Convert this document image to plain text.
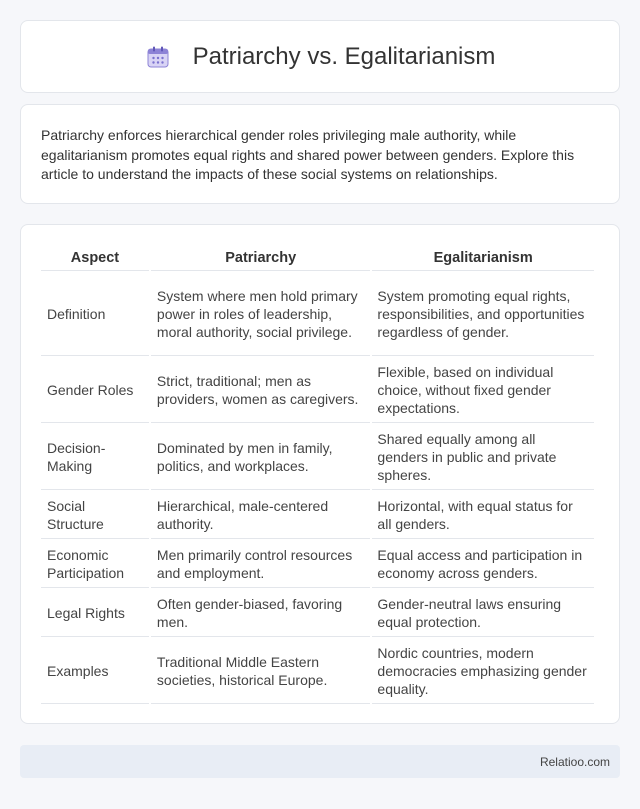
Patriarchy vs. Egalitarianism

Patriarchy enforces hierarchical gender roles privileging male authority, while egalitarianism promotes equal rights and shared power between genders. Explore this article to understand the impacts of these social systems on relationships.

Aspect	Patriarchy	Egalitarianism
Definition	System where men hold primary power in roles of leadership, moral authority, social privilege.	System promoting equal rights, responsibilities, and opportunities regardless of gender.
Gender Roles	Strict, traditional; men as providers, women as caregivers.	Flexible, based on individual choice, without fixed gender expectations.
Decision-Making	Dominated by men in family, politics, and workplaces.	Shared equally among all genders in public and private spheres.
Social Structure	Hierarchical, male-centered authority.	Horizontal, with equal status for all genders.
Economic Participation	Men primarily control resources and employment.	Equal access and participation in economy across genders.
Legal Rights	Often gender-biased, favoring men.	Gender-neutral laws ensuring equal protection.
Examples	Traditional Middle Eastern societies, historical Europe.	Nordic countries, modern democracies emphasizing gender equality.
Relatioo.com
